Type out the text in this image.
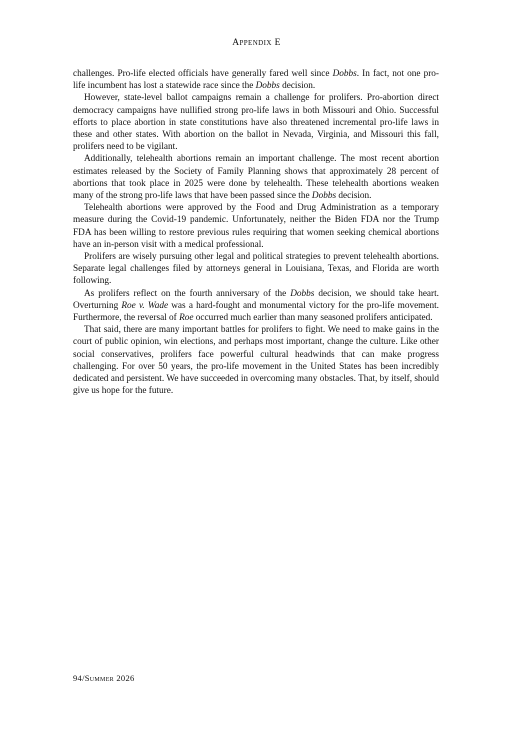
Appendix E

challenges. Pro-life elected officials have generally fared well since Dobbs. In fact, not one pro-life incumbent has lost a statewide race since the Dobbs decision.

However, state-level ballot campaigns remain a challenge for prolifers. Pro-abortion direct democracy campaigns have nullified strong pro-life laws in both Missouri and Ohio. Successful efforts to place abortion in state constitutions have also threatened incremental pro-life laws in these and other states. With abortion on the ballot in Nevada, Virginia, and Missouri this fall, prolifers need to be vigilant.

Additionally, telehealth abortions remain an important challenge. The most recent abortion estimates released by the Society of Family Planning shows that approximately 28 percent of abortions that took place in 2025 were done by telehealth. These telehealth abortions weaken many of the strong pro-life laws that have been passed since the Dobbs decision.

Telehealth abortions were approved by the Food and Drug Administration as a temporary measure during the Covid-19 pandemic. Unfortunately, neither the Biden FDA nor the Trump FDA has been willing to restore previous rules requiring that women seeking chemical abortions have an in-person visit with a medical professional.

Prolifers are wisely pursuing other legal and political strategies to prevent telehealth abortions. Separate legal challenges filed by attorneys general in Louisiana, Texas, and Florida are worth following.

As prolifers reflect on the fourth anniversary of the Dobbs decision, we should take heart. Overturning Roe v. Wade was a hard-fought and monumental victory for the pro-life movement. Furthermore, the reversal of Roe occurred much earlier than many seasoned prolifers anticipated.

That said, there are many important battles for prolifers to fight. We need to make gains in the court of public opinion, win elections, and perhaps most important, change the culture. Like other social conservatives, prolifers face powerful cultural headwinds that can make progress challenging. For over 50 years, the pro-life movement in the United States has been incredibly dedicated and persistent. We have succeeded in overcoming many obstacles. That, by itself, should give us hope for the future.

94/Summer 2026
